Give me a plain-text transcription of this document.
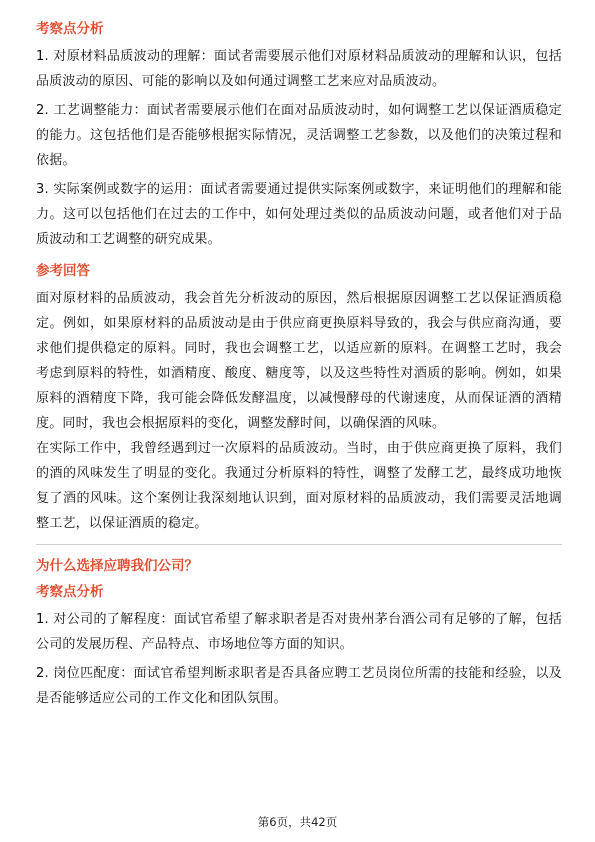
考察点分析

1. 对原材料品质波动的理解：面试者需要展示他们对原材料品质波动的理解和认识，包括品质波动的原因、可能的影响以及如何通过调整工艺来应对品质波动。

2. 工艺调整能力：面试者需要展示他们在面对品质波动时，如何调整工艺以保证酒质稳定的能力。这包括他们是否能够根据实际情况，灵活调整工艺参数，以及他们的决策过程和依据。

3. 实际案例或数字的运用：面试者需要通过提供实际案例或数字，来证明他们的理解和能力。这可以包括他们在过去的工作中，如何处理过类似的品质波动问题，或者他们对于品质波动和工艺调整的研究成果。

参考回答

面对原材料的品质波动，我会首先分析波动的原因，然后根据原因调整工艺以保证酒质稳定。例如，如果原材料的品质波动是由于供应商更换原料导致的，我会与供应商沟通，要求他们提供稳定的原料。同时，我也会调整工艺，以适应新的原料。在调整工艺时，我会考虑到原料的特性，如酒精度、酸度、糖度等，以及这些特性对酒质的影响。例如，如果原料的酒精度下降，我可能会降低发酵温度，以减慢酵母的代谢速度，从而保证酒的酒精度。同时，我也会根据原料的变化，调整发酵时间，以确保酒的风味。

在实际工作中，我曾经遇到过一次原料的品质波动。当时，由于供应商更换了原料，我们的酒的风味发生了明显的变化。我通过分析原料的特性，调整了发酵工艺，最终成功地恢复了酒的风味。这个案例让我深刻地认识到，面对原材料的品质波动，我们需要灵活地调整工艺，以保证酒质的稳定。

为什么选择应聘我们公司？
考察点分析

1. 对公司的了解程度：面试官希望了解求职者是否对贵州茅台酒公司有足够的了解，包括公司的发展历程、产品特点、市场地位等方面的知识。

2. 岗位匹配度：面试官希望判断求职者是否具备应聘工艺员岗位所需的技能和经验，以及是否能够适应公司的工作文化和团队氛围。

第6页，共42页
